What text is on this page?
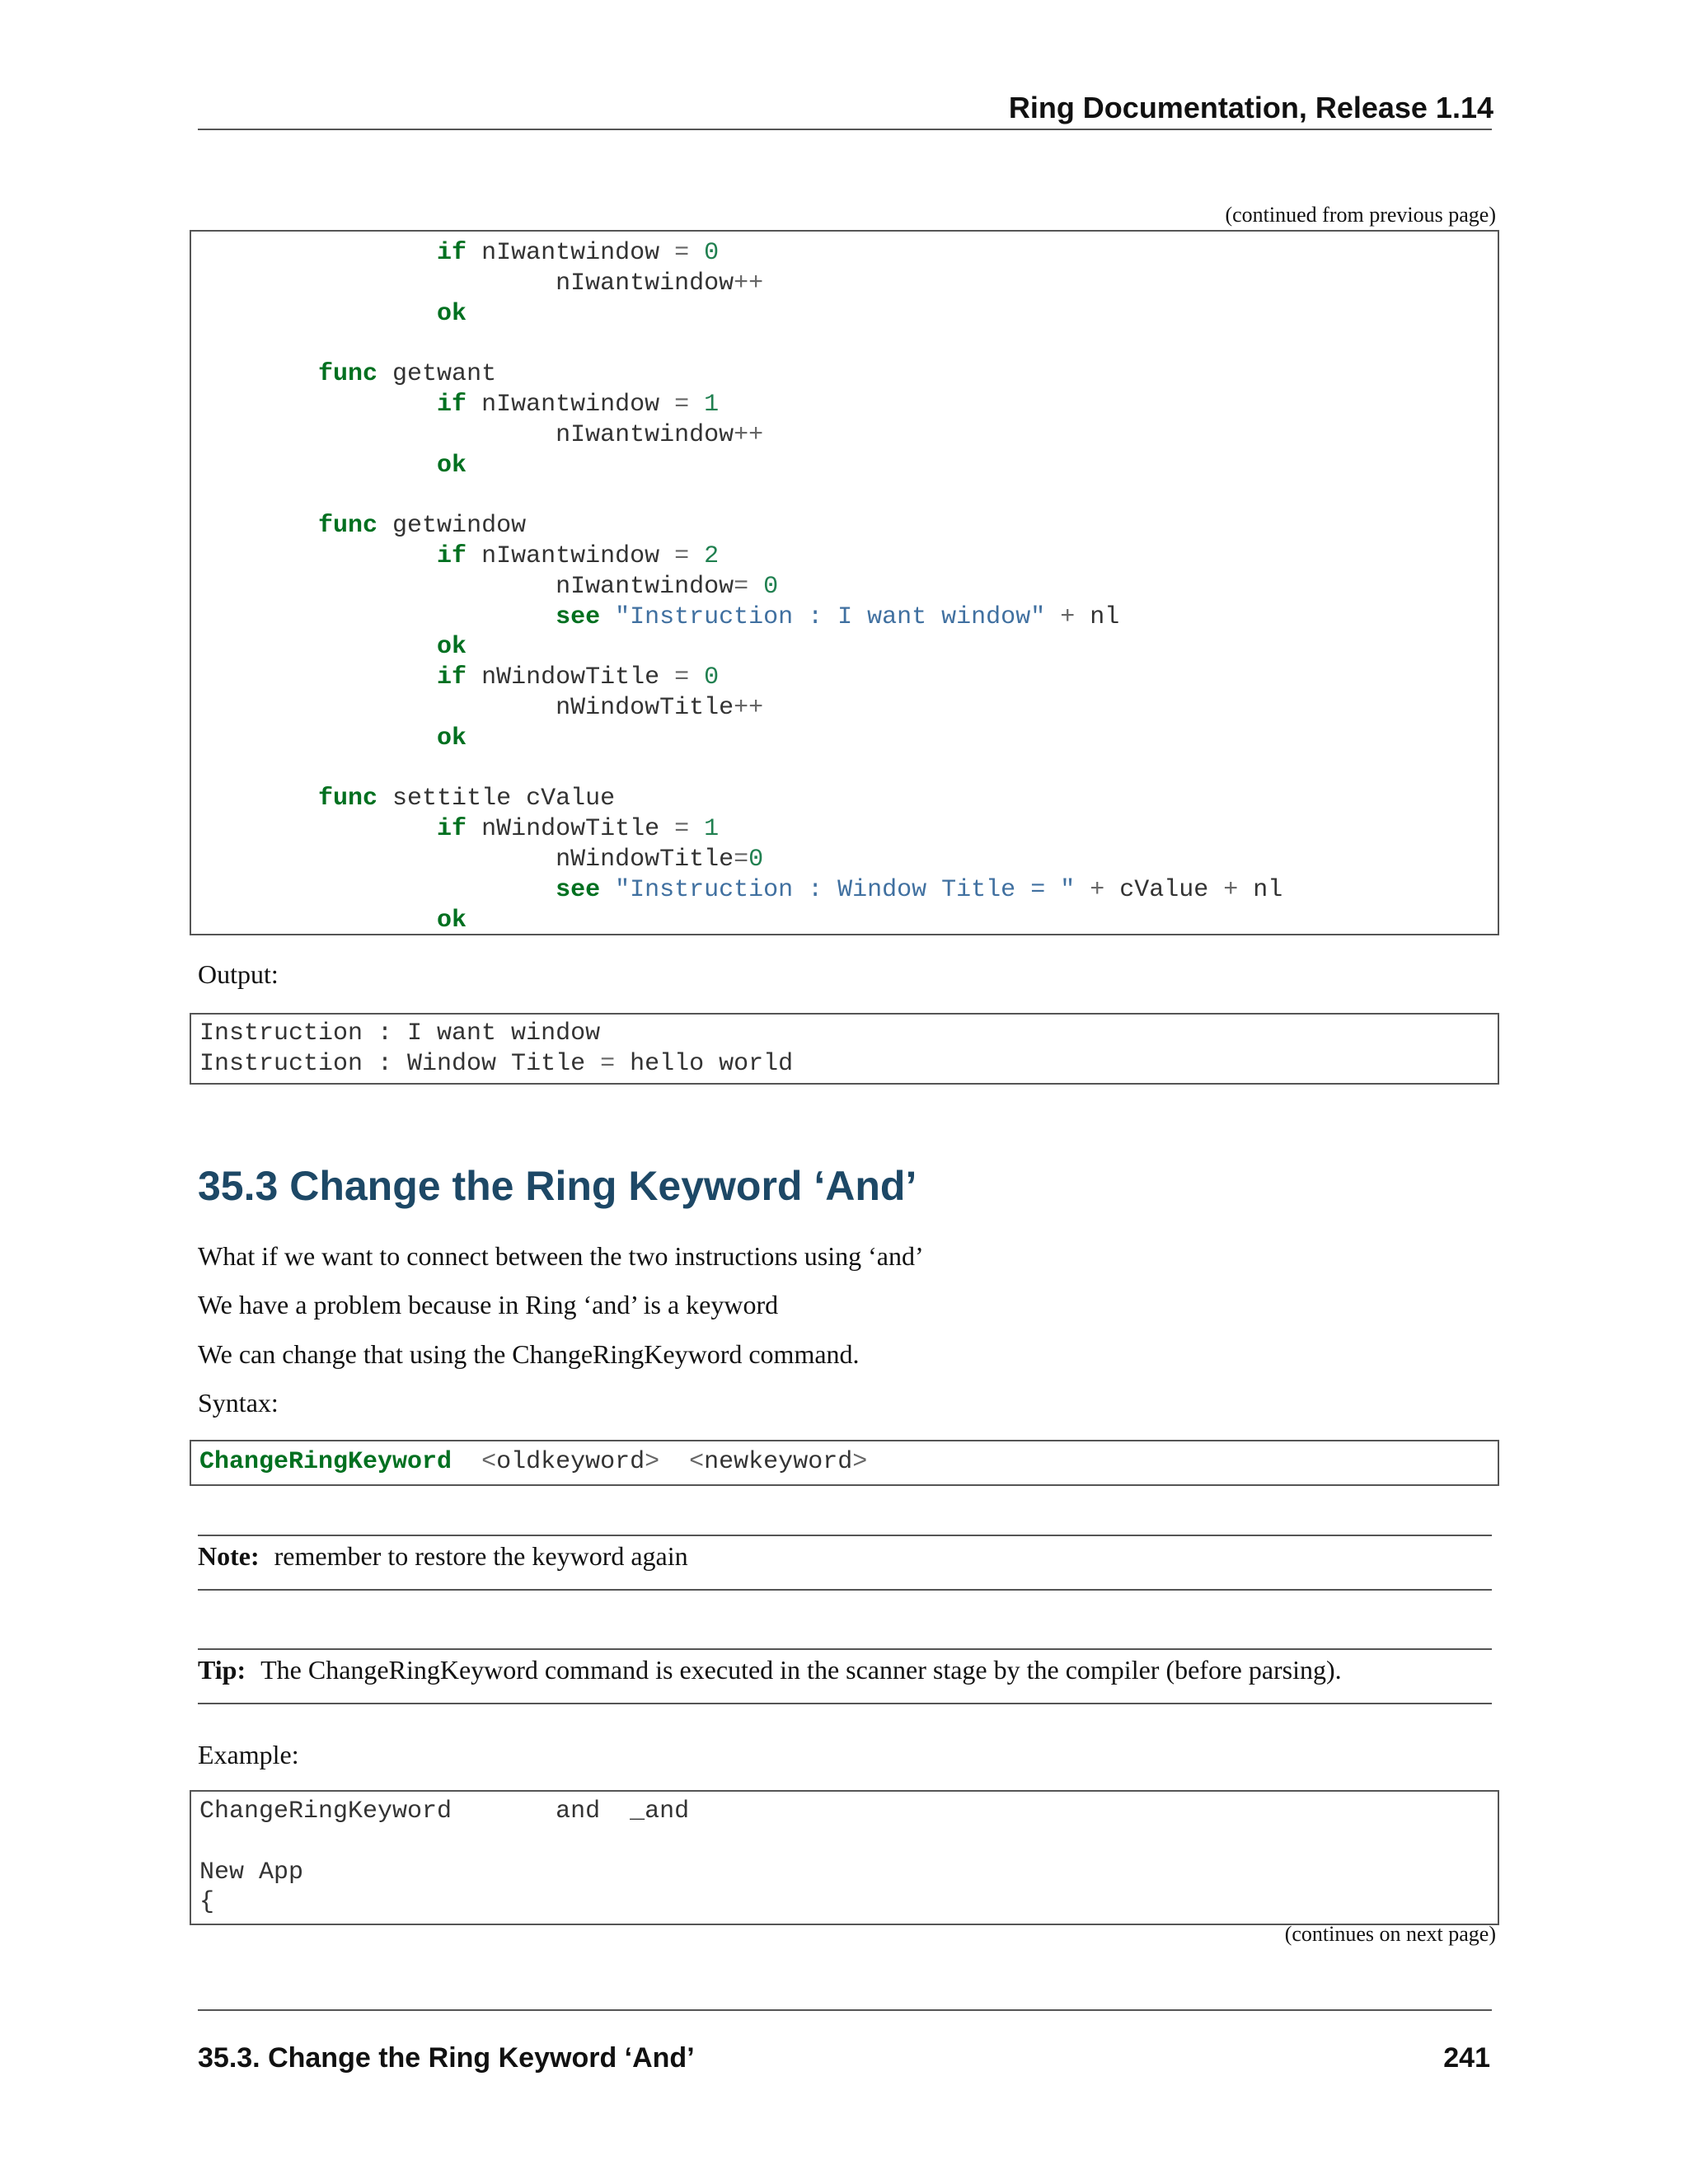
Ring Documentation, Release 1.14
(continued from previous page)
if nIwantwindow = 0
nIwantwindow++
ok

func getwant
if nIwantwindow = 1
nIwantwindow++
ok

func getwindow
if nIwantwindow = 2
nIwantwindow= 0
see "Instruction : I want window" + nl
ok
if nWindowTitle = 0
nWindowTitle++
ok

func settitle cValue
if nWindowTitle = 1
nWindowTitle=0
see "Instruction : Window Title = " + cValue + nl
ok
Output:
Instruction : I want window
Instruction : Window Title = hello world
35.3 Change the Ring Keyword ‘And’
What if we want to connect between the two instructions using ‘and’
We have a problem because in Ring ‘and’ is a keyword
We can change that using the ChangeRingKeyword command.
Syntax:
ChangeRingKeyword <oldkeyword> <newkeyword>
Note: remember to restore the keyword again
Tip: The ChangeRingKeyword command is executed in the scanner stage by the compiler (before parsing).
Example:
ChangeRingKeyword       and  _and

New App
{
(continues on next page)
35.3. Change the Ring Keyword ‘And’	241
